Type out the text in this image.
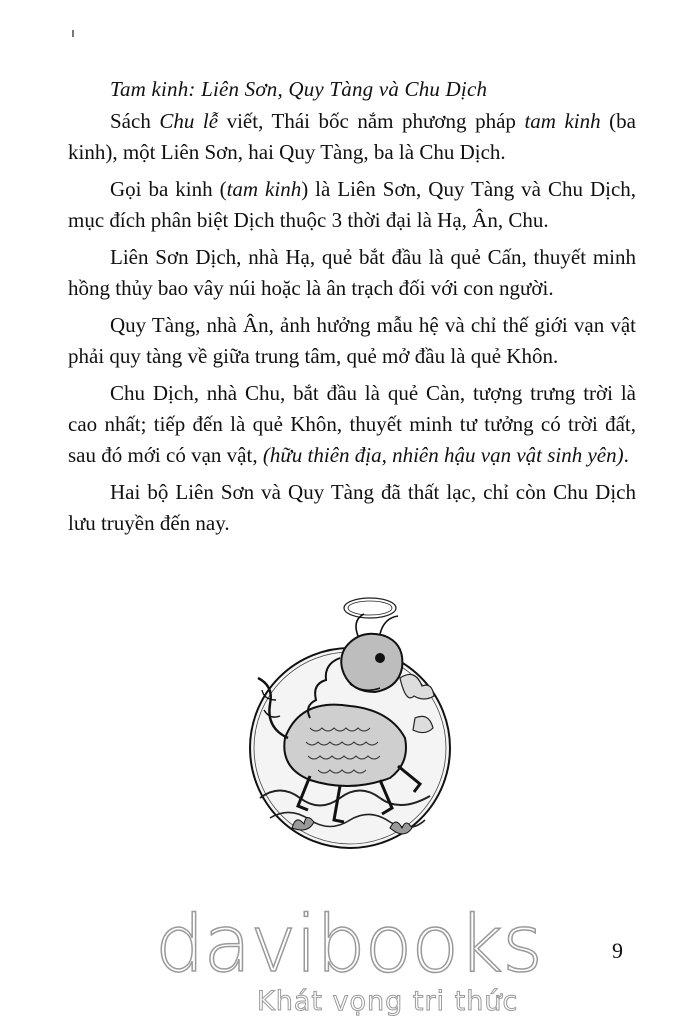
Tam kinh: Liên Sơn, Quy Tàng và Chu Dịch

Sách Chu lễ viết, Thái bốc nắm phương pháp tam kinh (ba kinh), một Liên Sơn, hai Quy Tàng, ba là Chu Dịch.

Gọi ba kinh (tam kinh) là Liên Sơn, Quy Tàng và Chu Dịch, mục đích phân biệt Dịch thuộc 3 thời đại là Hạ, Ân, Chu.

Liên Sơn Dịch, nhà Hạ, quẻ bắt đầu là quẻ Cấn, thuyết minh hồng thủy bao vây núi hoặc là ân trạch đối với con người.

Quy Tàng, nhà Ân, ảnh hưởng mẫu hệ và chỉ thế giới vạn vật phải quy tàng về giữa trung tâm, quẻ mở đầu là quẻ Khôn.

Chu Dịch, nhà Chu, bắt đầu là quẻ Càn, tượng trưng trời là cao nhất; tiếp đến là quẻ Khôn, thuyết minh tư tưởng có trời đất, sau đó mới có vạn vật, (hữu thiên địa, nhiên hậu vạn vật sinh yên).

Hai bộ Liên Sơn và Quy Tàng đã thất lạc, chỉ còn Chu Dịch lưu truyền đến nay.

9
davibooks
Khát vọng tri thức
